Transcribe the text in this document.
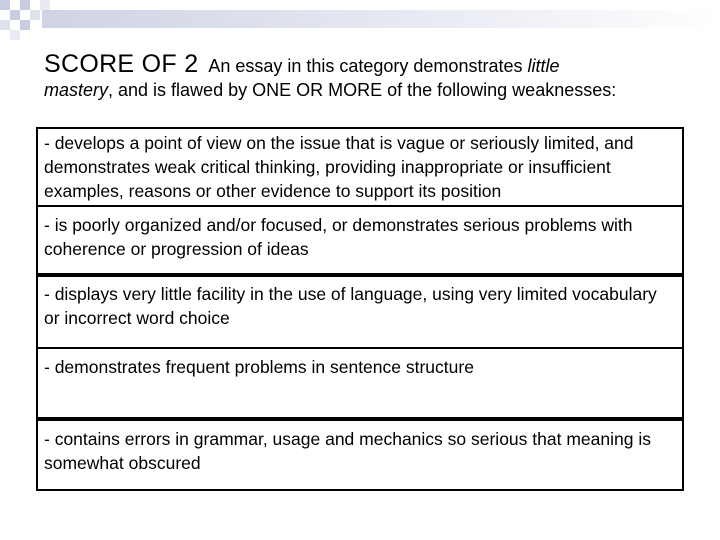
SCORE OF 2 An essay in this category demonstrates little
mastery, and is flawed by ONE OR MORE of the following weaknesses:
- develops a point of view on the issue that is vague or seriously limited, and demonstrates weak critical thinking, providing inappropriate or insufficient examples, reasons or other evidence to support its position
- is poorly organized and/or focused, or demonstrates serious problems with coherence or progression of ideas
- displays very little facility in the use of language, using very limited vocabulary or incorrect word choice
- demonstrates frequent problems in sentence structure
- contains errors in grammar, usage and mechanics so serious that meaning is somewhat obscured
